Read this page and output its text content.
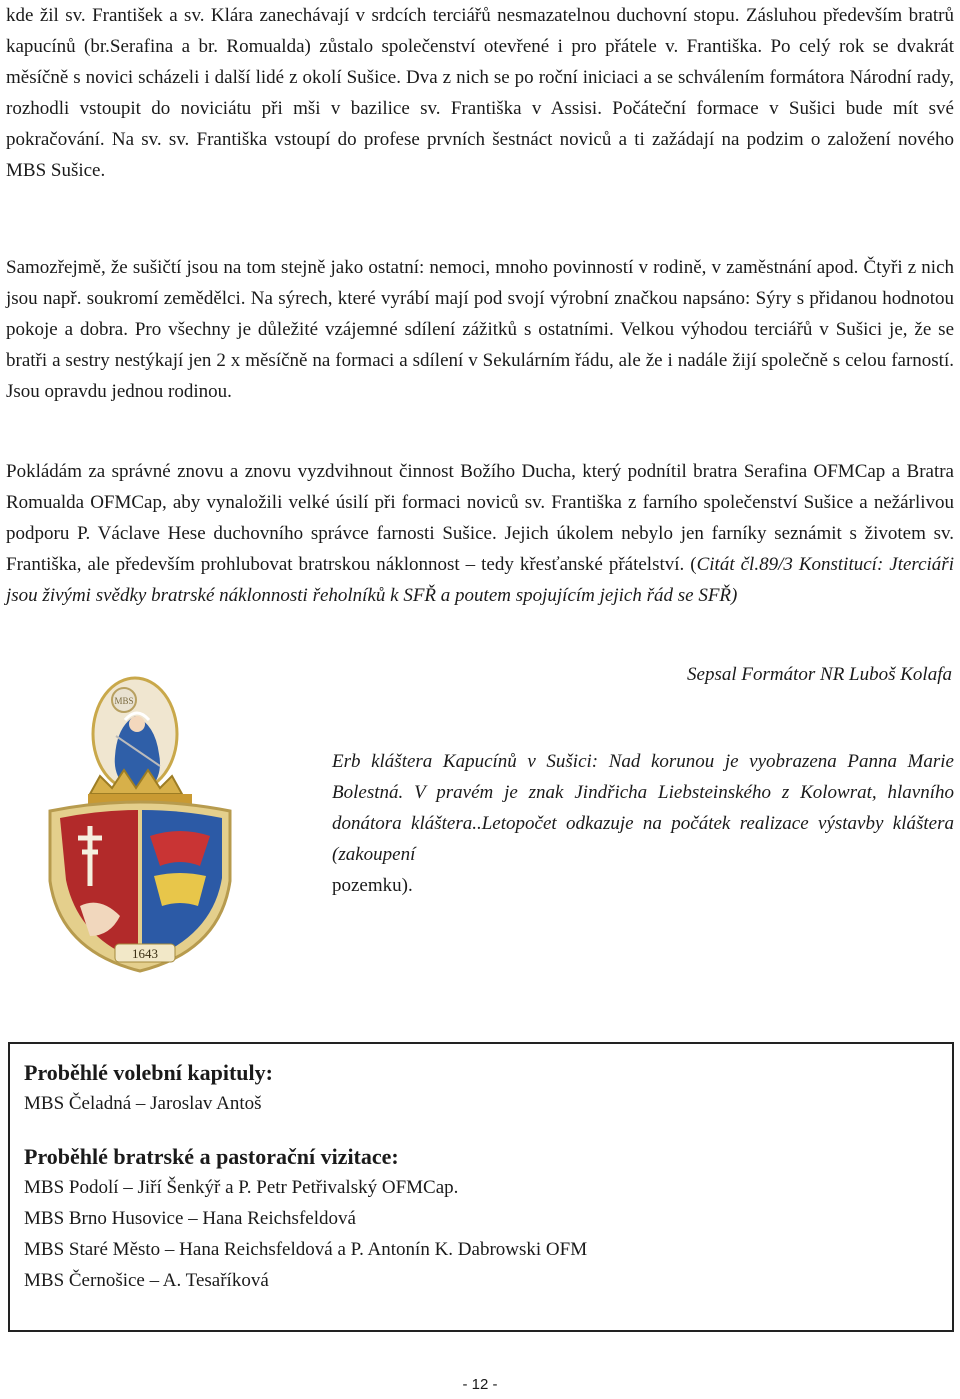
kde žil sv. František a sv. Klára zanechávají v srdcích terciářů nesmazatelnou duchovní stopu. Zásluhou především bratrů kapucínů (br.Serafina a br. Romualda) zůstalo společenství otevřené i pro přátele v. Františka. Po celý rok se dvakrát měsíčně s novici scházeli i další lidé z okolí Sušice. Dva z nich se po roční iniciaci a se schválením formátora Národní rady, rozhodli vstoupit do noviciátu při mši v bazilice sv. Františka v Assisi. Počáteční formace v Sušici bude mít své pokračování. Na sv. sv. Františka vstoupí do profese prvních šestnáct noviců a ti zažádají na podzim o založení nového MBS Sušice.

Samozřejmě, že sušičtí jsou na tom stejně jako ostatní: nemoci, mnoho povinností v rodině, v zaměstnání apod. Čtyři z nich jsou např. soukromí zemědělci. Na sýrech, které vyrábí mají pod svojí výrobní značkou napsáno: Sýry s přidanou hodnotou pokoje a dobra. Pro všechny je důležité vzájemné sdílení zážitků s ostatními. Velkou výhodou terciářů v Sušici je, že se bratři a sestry nestýkají jen 2 x měsíčně na formaci a sdílení v Sekulárním řádu, ale že i nadále žijí společně s celou farností. Jsou opravdu jednou rodinou.

Pokládám za správné znovu a znovu vyzdvihnout činnost Božího Ducha, který podnítil bratra Serafina OFMCap a Bratra Romualda OFMCap, aby vynaložili velké úsilí při formaci noviců sv. Františka z farního společenství Sušice a nežárlivou podporu P. Václave Hese duchovního správce farnosti Sušice. Jejich úkolem nebylo jen farníky seznámit s životem sv. Františka, ale především prohlubovat bratrskou náklonnost – tedy křesťanské přátelství. (Citát čl.89/3 Konstitucí: Jterciáři jsou živými svědky bratrské náklonnosti řeholníků k SFŘ a poutem spojujícím jejich řád se SFŘ)

Sepsal Formátor NR Luboš Kolafa
MBS
1643
Erb kláštera Kapucínů v Sušici: Nad korunou je vyobrazena Panna Marie Bolestná. V pravém je znak Jindřicha Liebsteinského z Kolowrat, hlavního donátora kláštera..Letopočet odkazuje na počátek realizace výstavby kláštera (zakoupení
pozemku).
Proběhlé volební kapituly:
MBS Čeladná – Jaroslav Antoš
Proběhlé bratrské a pastorační vizitace:
MBS Podolí – Jiří Šenkýř a P. Petr Petřivalský OFMCap.
MBS Brno Husovice – Hana Reichsfeldová
MBS Staré Město – Hana Reichsfeldová a P. Antonín K. Dabrowski OFM
MBS Černošice – A. Tesaříková
- 12 -
